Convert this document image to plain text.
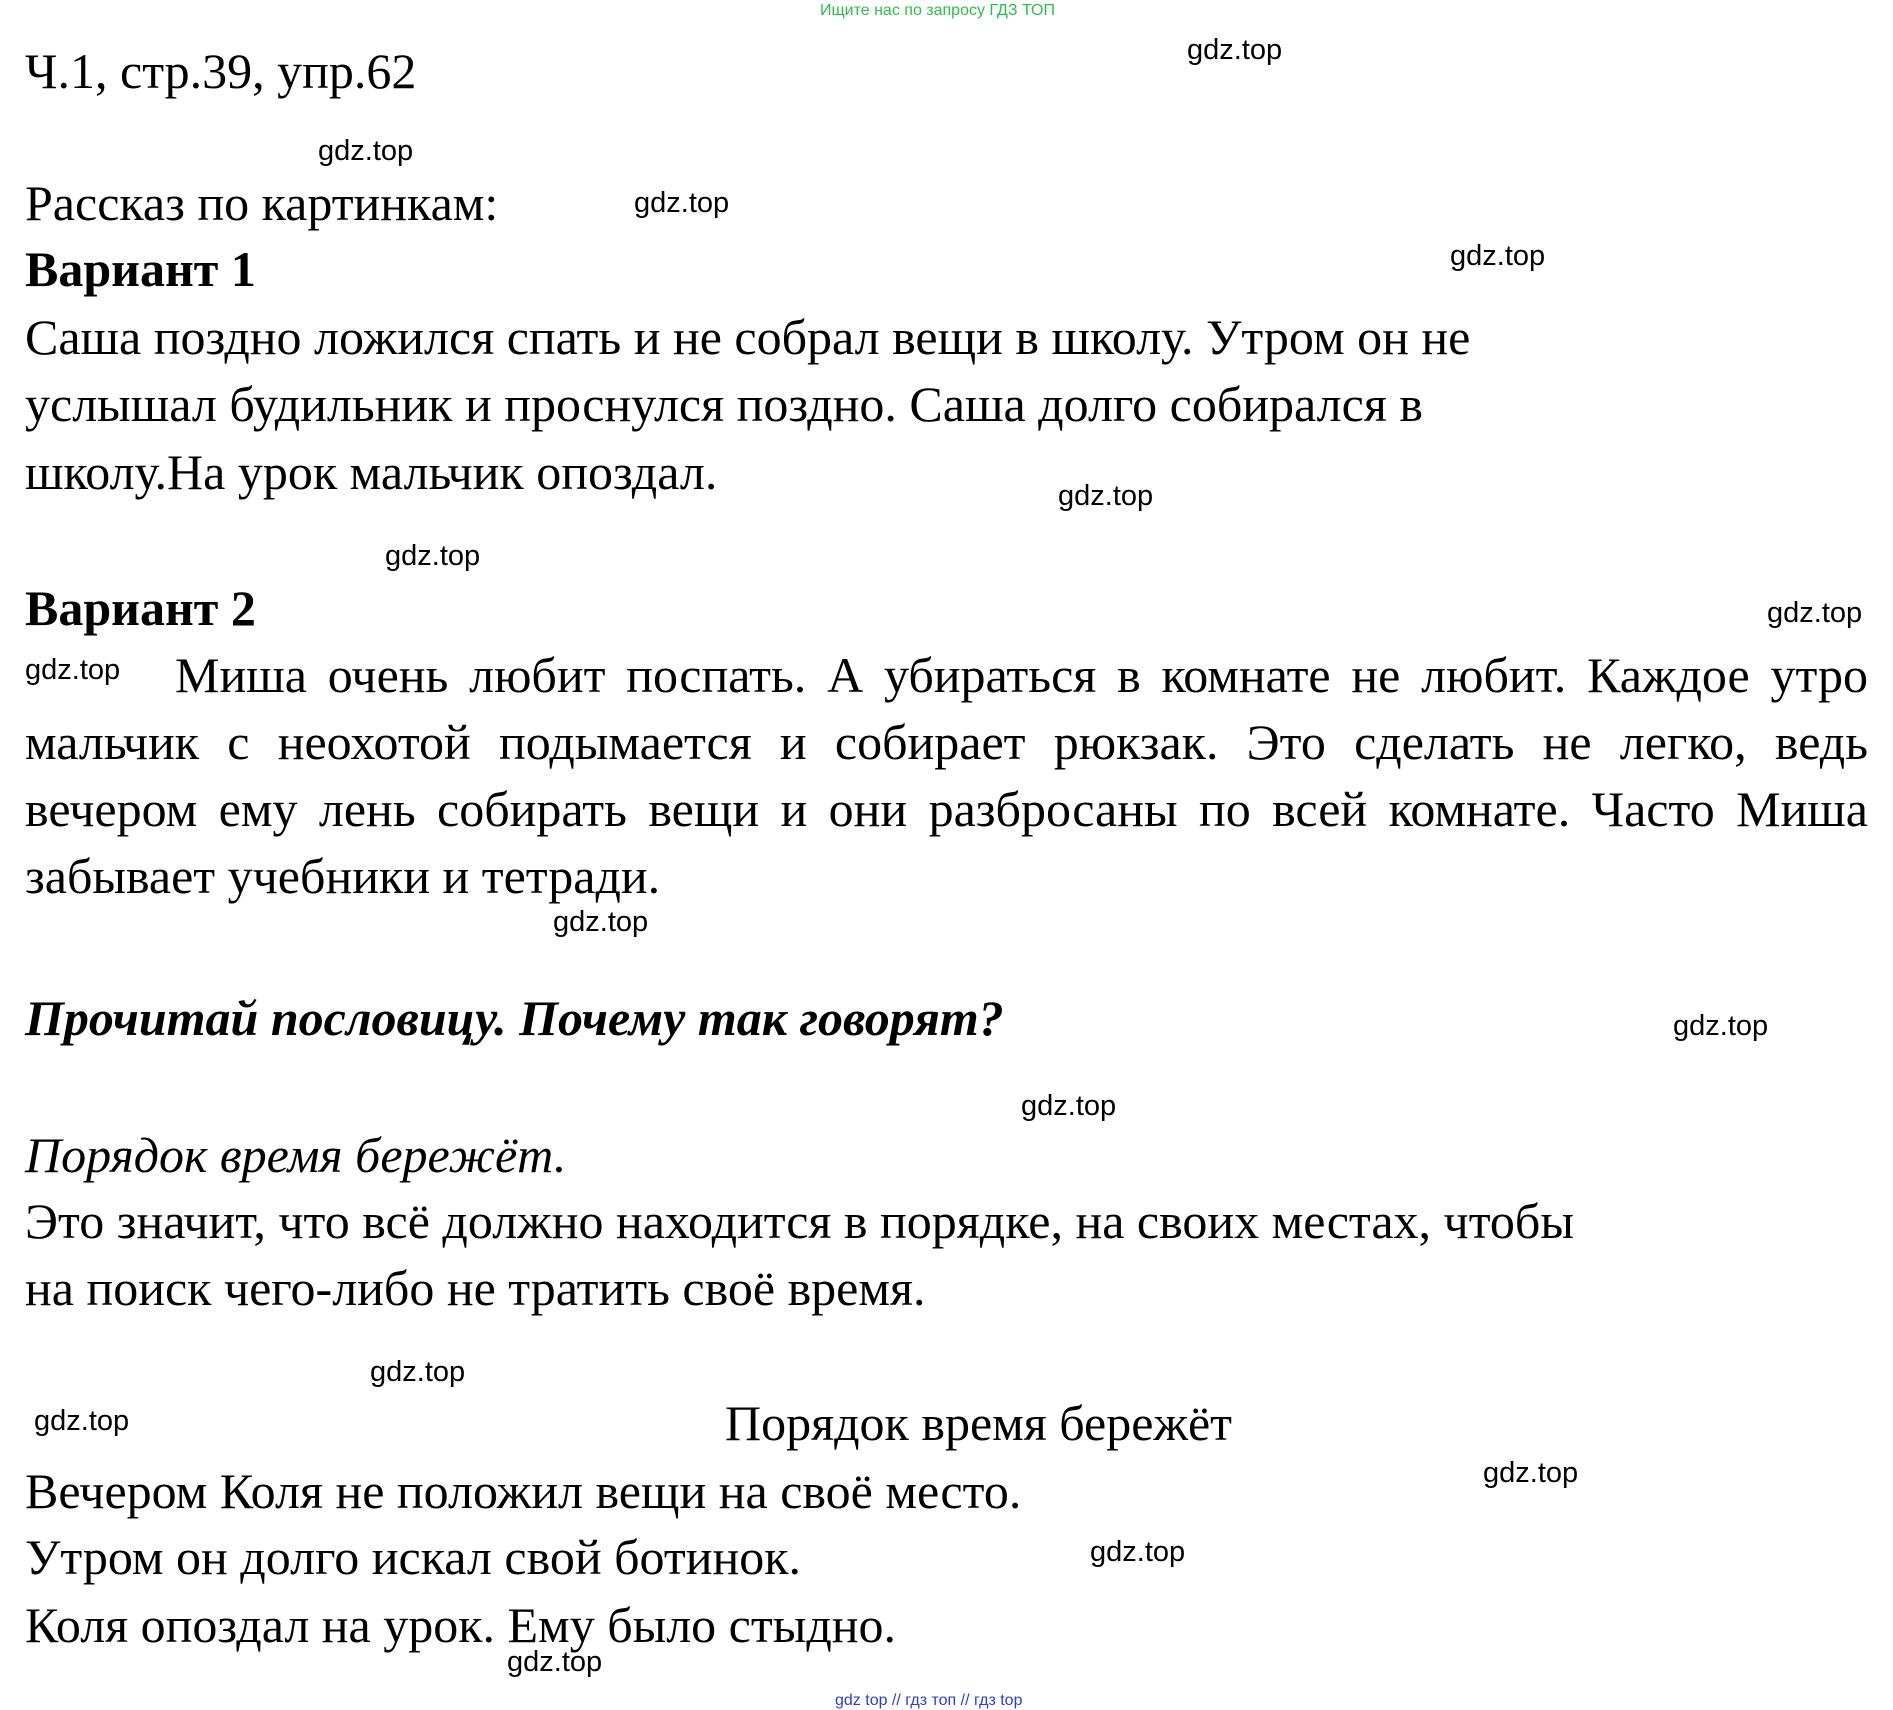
Ищите нас по запросу ГДЗ ТОП
Ч.1, стр.39, упр.62
Рассказ по картинкам:
Вариант 1
Саша поздно ложился спать и не собрал вещи в школу. Утром он не
услышал будильник и проснулся поздно. Саша долго собирался в
школу.На урок мальчик опоздал.
Вариант 2
Миша очень любит поспать. А убираться в комнате не любит. Каждое утро мальчик с неохотой подымается и собирает рюкзак. Это сделать не легко, ведь вечером ему лень собирать вещи и они разбросаны по всей комнате. Часто Миша забывает учебники и тетради.
Прочитай пословицу. Почему так говорят?
Порядок время бережёт.
Это значит, что всё должно находится в порядке, на своих местах, чтобы
на поиск чего-либо не тратить своё время.
Порядок время бережёт
Вечером Коля не положил вещи на своё место.
Утром он долго искал свой ботинок.
Коля опоздал на урок. Ему было стыдно.
gdz.top
gdz.top
gdz.top
gdz.top
gdz.top
gdz.top
gdz.top
gdz.top
gdz.top
gdz.top
gdz.top
gdz.top
gdz.top
gdz.top
gdz.top
gdz.top
gdz top // гдз топ // гдз top
